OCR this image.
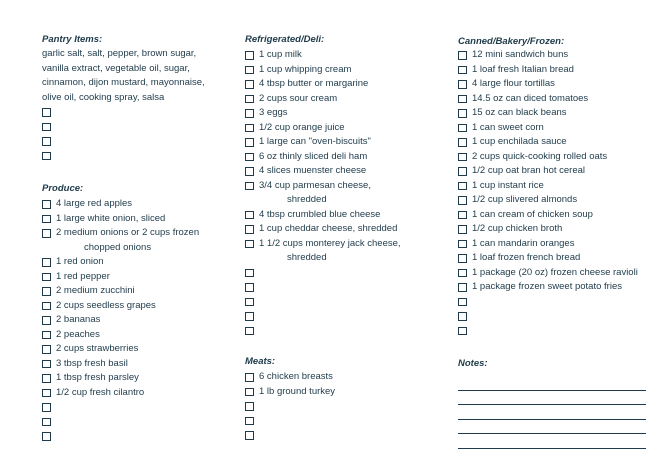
Pantry Items:
garlic salt, salt, pepper, brown sugar,
vanilla extract, vegetable oil, sugar,
cinnamon, dijon mustard, mayonnaise,
olive oil, cooking spray, salsa
Produce:
4 large red apples
1 large white onion, sliced
2 medium onions or 2 cups frozen
chopped onions
1 red onion
1 red pepper
2 medium zucchini
2 cups seedless grapes
2 bananas
2 peaches
2 cups strawberries
3 tbsp fresh basil
1 tbsp fresh parsley
1/2 cup fresh cilantro
Refrigerated/Deli:
1 cup milk
1 cup whipping cream
4 tbsp butter or margarine
2 cups sour cream
3 eggs
1/2 cup orange juice
1 large can "oven-biscuits"
6 oz thinly sliced deli ham
4 slices muenster cheese
3/4 cup parmesan cheese,
shredded
4 tbsp crumbled blue cheese
1 cup cheddar cheese, shredded
1 1/2 cups monterey jack cheese,
shredded
Meats:
6 chicken breasts
1 lb ground turkey
Canned/Bakery/Frozen:
12 mini sandwich buns
1 loaf fresh Italian bread
4 large flour tortillas
14.5 oz can diced tomatoes
15 oz can black beans
1 can sweet corn
1 cup enchilada sauce
2 cups quick-cooking rolled oats
1/2 cup oat bran hot cereal
1 cup instant rice
1/2 cup slivered almonds
1 can cream of chicken soup
1/2 cup chicken broth
1 can mandarin oranges
1 loaf frozen french bread
1 package (20 oz) frozen cheese ravioli
1 package frozen sweet potato fries
Notes:
